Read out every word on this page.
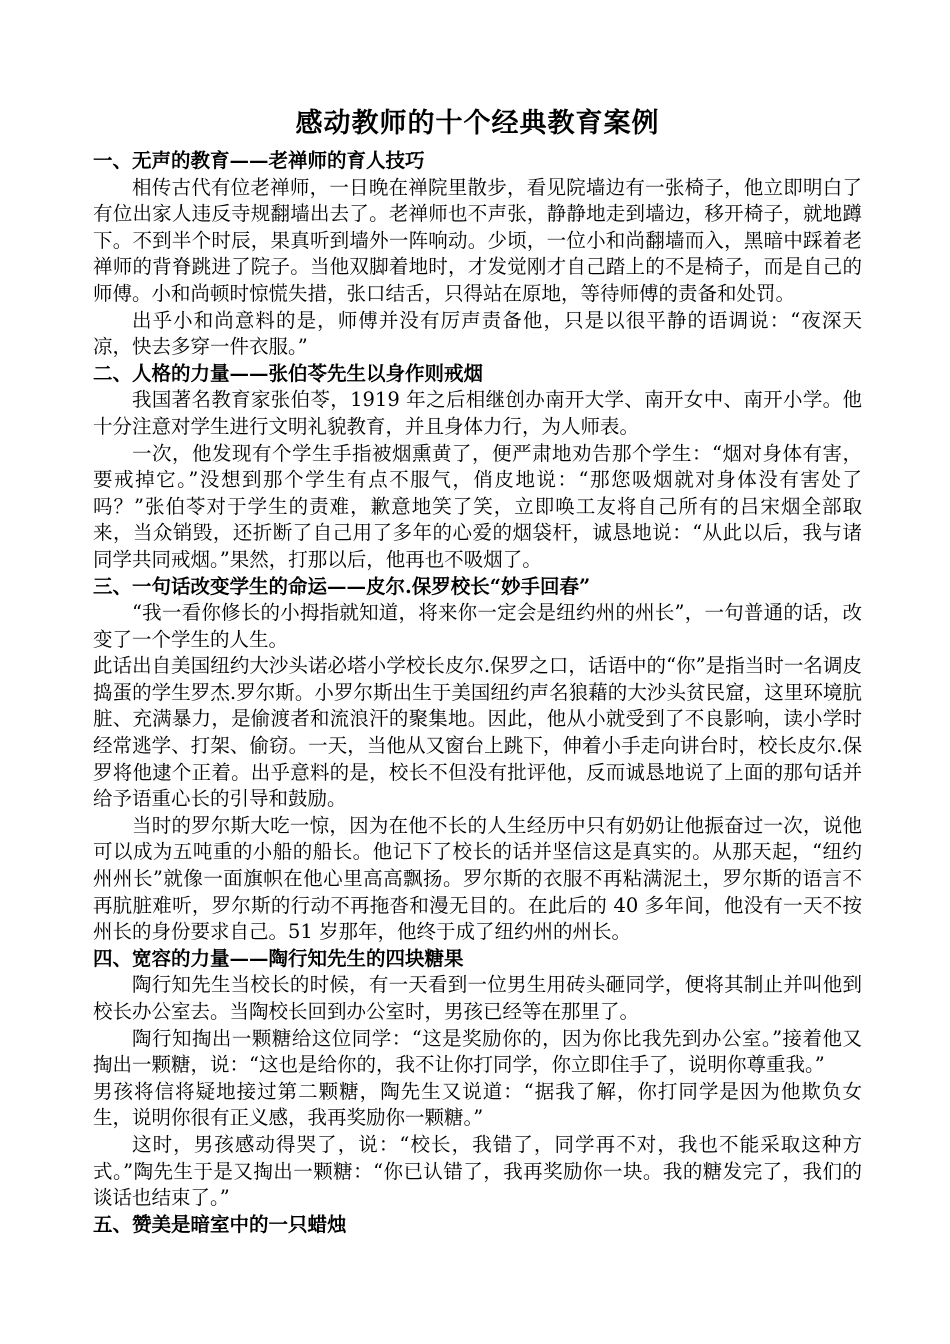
感动教师的十个经典教育案例
一、无声的教育——老禅师的育人技巧

相传古代有位老禅师，一日晚在禅院里散步，看见院墙边有一张椅子，他立即明白了有位出家人违反寺规翻墙出去了。老禅师也不声张，静静地走到墙边，移开椅子，就地蹲下。不到半个时辰，果真听到墙外一阵响动。少顷，一位小和尚翻墙而入，黑暗中踩着老禅师的背脊跳进了院子。当他双脚着地时，才发觉刚才自己踏上的不是椅子，而是自己的师傅。小和尚顿时惊慌失措，张口结舌，只得站在原地，等待师傅的责备和处罚。

出乎小和尚意料的是，师傅并没有厉声责备他，只是以很平静的语调说：“夜深天凉，快去多穿一件衣服。”

二、人格的力量——张伯苓先生以身作则戒烟

我国著名教育家张伯苓，1919 年之后相继创办南开大学、南开女中、南开小学。他十分注意对学生进行文明礼貌教育，并且身体力行，为人师表。

一次，他发现有个学生手指被烟熏黄了，便严肃地劝告那个学生：“烟对身体有害，要戒掉它。”没想到那个学生有点不服气，俏皮地说：“那您吸烟就对身体没有害处了吗？”张伯苓对于学生的责难，歉意地笑了笑，立即唤工友将自己所有的吕宋烟全部取来，当众销毁，还折断了自己用了多年的心爱的烟袋杆，诚恳地说：“从此以后，我与诸同学共同戒烟。”果然，打那以后，他再也不吸烟了。

三、一句话改变学生的命运——皮尔.保罗校长“妙手回春”

“我一看你修长的小拇指就知道，将来你一定会是纽约州的州长”，一句普通的话，改变了一个学生的人生。

此话出自美国纽约大沙头诺必塔小学校长皮尔.保罗之口，话语中的“你”是指当时一名调皮捣蛋的学生罗杰.罗尔斯。小罗尔斯出生于美国纽约声名狼藉的大沙头贫民窟，这里环境肮脏、充满暴力，是偷渡者和流浪汗的聚集地。因此，他从小就受到了不良影响，读小学时经常逃学、打架、偷窃。一天，当他从又窗台上跳下，伸着小手走向讲台时，校长皮尔.保罗将他逮个正着。出乎意料的是，校长不但没有批评他，反而诚恳地说了上面的那句话并给予语重心长的引导和鼓励。

当时的罗尔斯大吃一惊，因为在他不长的人生经历中只有奶奶让他振奋过一次，说他可以成为五吨重的小船的船长。他记下了校长的话并坚信这是真实的。从那天起，“纽约州州长”就像一面旗帜在他心里高高飘扬。罗尔斯的衣服不再粘满泥土，罗尔斯的语言不再肮脏难听，罗尔斯的行动不再拖沓和漫无目的。在此后的 40 多年间，他没有一天不按州长的身份要求自己。51 岁那年，他终于成了纽约州的州长。

四、宽容的力量——陶行知先生的四块糖果

陶行知先生当校长的时候，有一天看到一位男生用砖头砸同学，便将其制止并叫他到校长办公室去。当陶校长回到办公室时，男孩已经等在那里了。

陶行知掏出一颗糖给这位同学：“这是奖励你的，因为你比我先到办公室。”接着他又掏出一颗糖，说：“这也是给你的，我不让你打同学，你立即住手了，说明你尊重我。”

男孩将信将疑地接过第二颗糖，陶先生又说道：“据我了解，你打同学是因为他欺负女生，说明你很有正义感，我再奖励你一颗糖。”

这时，男孩感动得哭了，说：“校长，我错了，同学再不对，我也不能采取这种方式。”陶先生于是又掏出一颗糖：“你已认错了，我再奖励你一块。我的糖发完了，我们的谈话也结束了。”

五、赞美是暗室中的一只蜡烛
